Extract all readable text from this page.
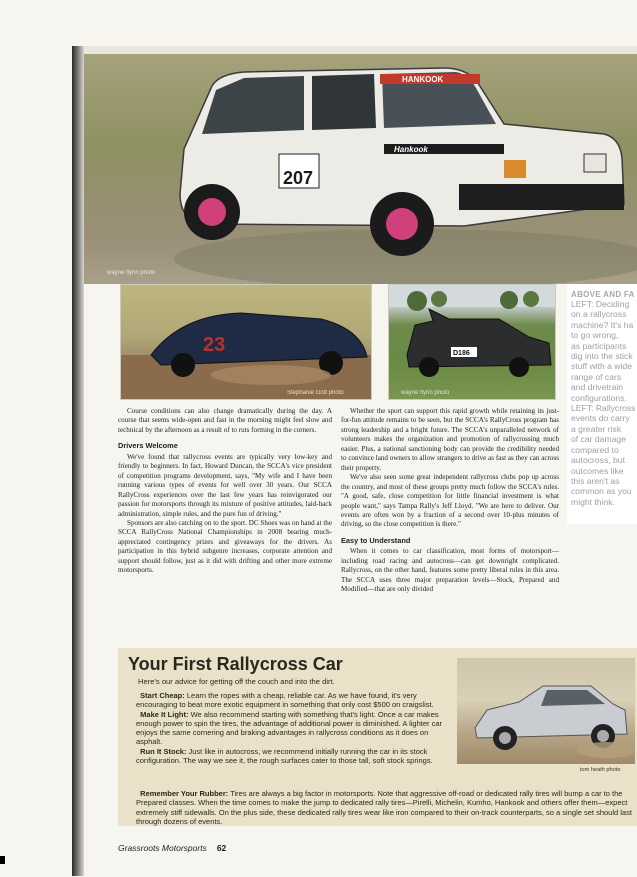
HANKOOK
Hankook
207
wayne flynn photo
23
Stephanie Gott photo
D186
wayne flynn photo
ABOVE AND FA
LEFT: Deciding
on a rallycross
machine? It's ha
to go wrong,
as participants
dig into the stick
stuff with a wide
range of cars
and drivetrain
configurations.
LEFT: Rallycross
events do carry
a greater risk
of car damage
compared to
autocross, but
outcomes like
this aren't as
common as you
might think.

Course conditions can also change dramatically during the day. A course that seems wide-open and fast in the morning might feel slow and technical by the afternoon as a result of to ruts forming in the corners.

Drivers Welcome

We've found that rallycross events are typically very low-key and friendly to beginners. In fact, Howard Duncan, the SCCA's vice president of competition programs development, says, "My wife and I have been running various types of events for well over 30 years. Our SCCA RallyCross experiences over the last few years has reinvigorated our passion for motorsports through its mixture of positive attitudes, laid-back administration, simple rules, and the pure fun of driving."

Sponsors are also catching on to the sport. DC Shoes was on hand at the SCCA RallyCross National Championships in 2008 bearing much-appreciated contingency prizes and giveaways for the drivers. As participation in this hybrid subgenre increases, corporate attention and support should follow, just as it did with drifting and other more extreme motorsports.

Whether the sport can support this rapid growth while retaining its just-for-fun attitude remains to be seen, but the SCCA's RallyCross program has strong leadership and a bright future. The SCCA's unparalleled network of volunteers makes the organization and promotion of rallycrossing much easier. Plus, a national sanctioning body can provide the credibility needed to convince land owners to allow strangers to drive as fast as they can across their property.

We've also seen some great independent rallycross clubs pop up across the country, and most of these groups pretty much follow the SCCA's rules. "A good, safe, close competition for little financial investment is what people want," says Tampa Rally's Jeff Lloyd. "We are here to deliver. Our events are often won by a fraction of a second over 10-plus minutes of driving, so the close competition is there."

Easy to Understand

When it comes to car classification, most forms of motorsport—including road racing and autocross—can get downright complicated. Rallycross, on the other hand, features some pretty liberal rules in this area. The SCCA uses three major preparation levels—Stock, Prepared and Modified—that are only divided

Your First Rallycross Car
Here's our advice for getting off the couch and into the dirt.

Start Cheap: Learn the ropes with a cheap, reliable car. As we have found, it's very encouraging to beat more exotic equipment in something that only cost $500 on craigslist.

Make It Light: We also recommend starting with something that's light. Once a car makes enough power to spin the tires, the advantage of additional power is diminished. A lighter car enjoys the same cornering and braking advantages in rallycross conditions as it does on asphalt.

Run It Stock: Just like in autocross, we recommend initially running the car in its stock configuration. The way we see it, the rough surfaces cater to those tall, soft stock springs.

Remember Your Rubber: Tires are always a big factor in motorsports. Note that aggressive off-road or dedicated rally tires will bump a car to the Prepared classes. When the time comes to make the jump to dedicated rally tires—Pirelli, Michelin, Kumho, Hankook and others offer them—expect extremely stiff sidewalls. On the plus side, these dedicated rally tires wear like iron compared to their on-track counterparts, so a single set should last through dozens of events.
tom heath photo
Grassroots Motorsports 62
